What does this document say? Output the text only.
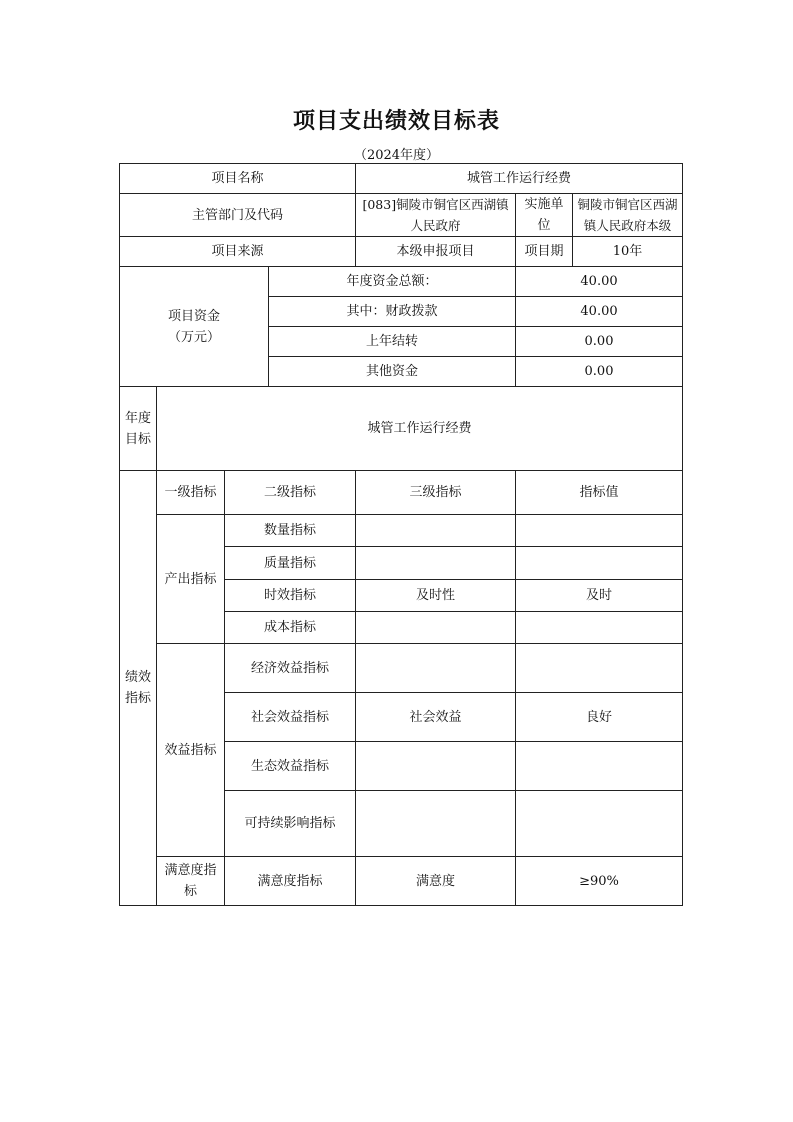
项目支出绩效目标表
（2024年度）
项目名称				城管工作运行经费		
主管部门及代码				[083]铜陵市铜官区西湖镇人民政府	实施单位	铜陵市铜官区西湖镇人民政府本级
项目来源				本级申报项目	项目期	10年

项目资金
（万元）			年度资金总额：		40.00	
			其中：财政拨款		40.00	
			上年结转		0.00	
			其他资金		0.00	
年度目标	城管工作运行经费					
绩效指标	一级指标	二级指标		三级指标	指标值	
	产出指标	数量指标				
		质量指标				
		时效指标		及时性	及时	
		成本指标				
	效益指标	经济效益指标				
		社会效益指标		社会效益	良好	
		生态效益指标				
		可持续影响指标				
	满意度指标	满意度指标		满意度	≥90%	
